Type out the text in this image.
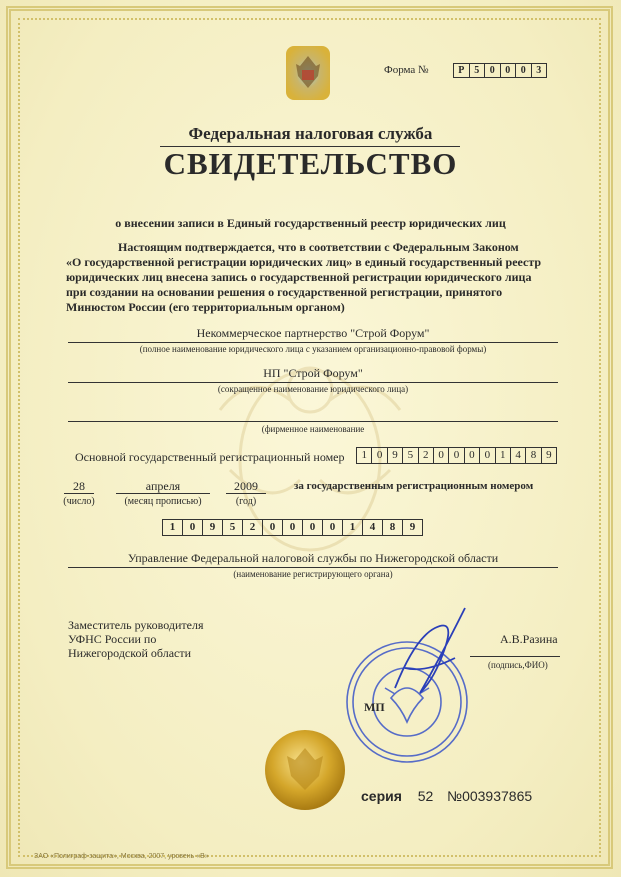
Форма №	Р 5	0	0	0	3
Федеральная налоговая служба
СВИДЕТЕЛЬСТВО
о внесении записи в Единый государственный реестр юридических лиц
Настоящим подтверждается, что в соответствии с Федеральным Законом
«О государственной регистрации юридических лиц» в единый государственный реестр
юридических лиц внесена запись о государственной регистрации юридического лица
при создании на основании решения о государственной регистрации, принятого
Минюстом России (его территориальным органом)
Некоммерческое партнерство "Строй Форум"
(полное наименование юридического лица с указанием организационно-правовой формы)
НП "Строй Форум"
(сокращенное наименование юридического лица)
(фирменное наименование
Основной государственный регистрационный номер	1 0 9 5 2 0 0 0 0 1 4 8 9
28
(число)
апреля
(месяц прописью)
2009
(год)
за государственным регистрационным номером
1	0	9	5	2	0	0	0	0	1	4	8	9
Управление Федеральной налоговой службы по Нижегородской области
(наименование регистрирующего органа)
Заместитель руководителя
УФНС России по
Нижегородской области
А.В.Разина
(подпись,ФИО)
МП
серия 52 №003937865
ЗАО «Полиграф-защита», Москва, 2007, уровень «В»
